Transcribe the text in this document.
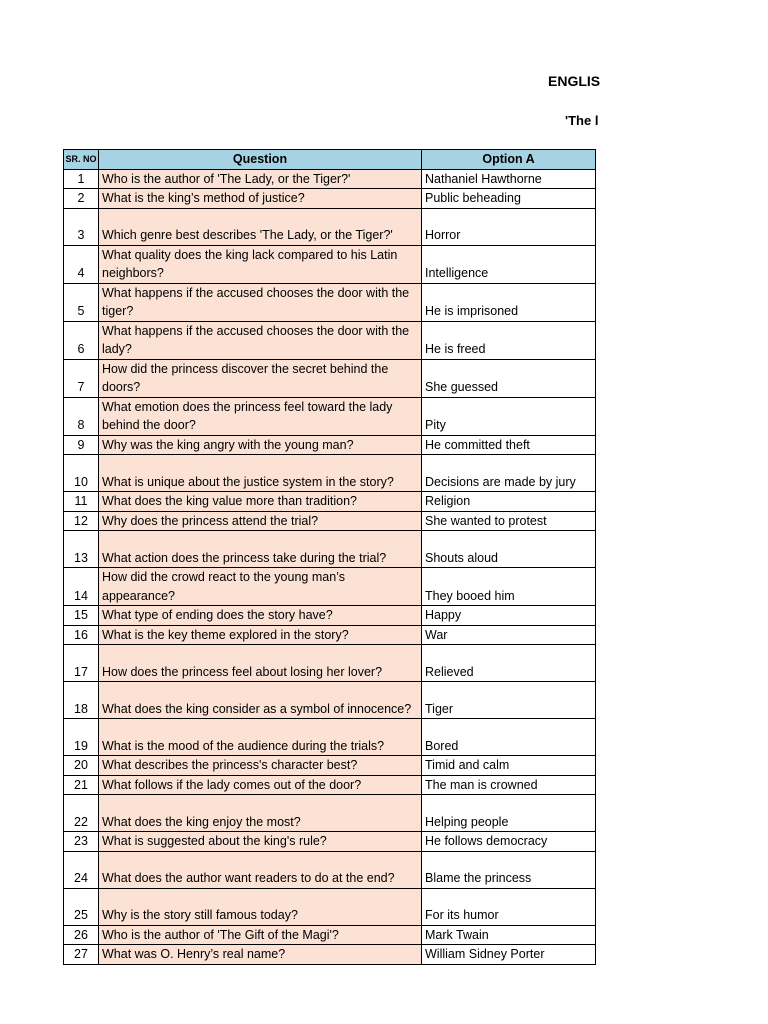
ENGLIS
'The l
SR. NO	Question	Option A
1	Who is the author of 'The Lady, or the Tiger?'	Nathaniel Hawthorne
2	What is the king’s method of justice?	Public beheading
3	Which genre best describes 'The Lady, or the Tiger?'	Horror
4	What quality does the king lack compared to his Latin neighbors?	Intelligence
5	What happens if the accused chooses the door with the tiger?	He is imprisoned
6	What happens if the accused chooses the door with the lady?	He is freed
7	How did the princess discover the secret behind the doors?	She guessed
8	What emotion does the princess feel toward the lady behind the door?	Pity
9	Why was the king angry with the young man?	He committed theft
10	What is unique about the justice system in the story?	Decisions are made by jury
11	What does the king value more than tradition?	Religion
12	Why does the princess attend the trial?	She wanted to protest
13	What action does the princess take during the trial?	Shouts aloud
14	How did the crowd react to the young man’s appearance?	They booed him
15	What type of ending does the story have?	Happy
16	What is the key theme explored in the story?	War
17	How does the princess feel about losing her lover?	Relieved
18	What does the king consider as a symbol of innocence?	Tiger
19	What is the mood of the audience during the trials?	Bored
20	What describes the princess's character best?	Timid and calm
21	What follows if the lady comes out of the door?	The man is crowned
22	What does the king enjoy the most?	Helping people
23	What is suggested about the king's rule?	He follows democracy
24	What does the author want readers to do at the end?	Blame the princess
25	Why is the story still famous today?	For its humor
26	Who is the author of 'The Gift of the Magi'?	Mark Twain
27	What was O. Henry’s real name?	William Sidney Porter
